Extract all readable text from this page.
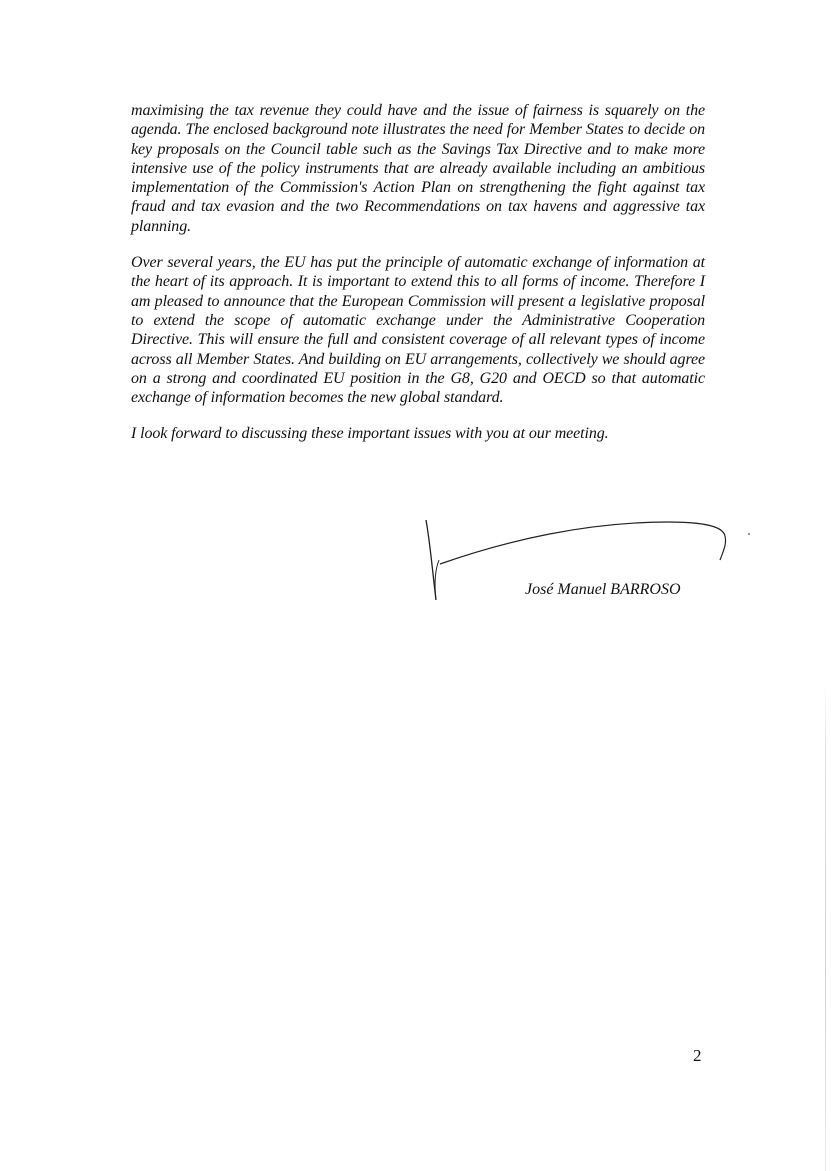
maximising the tax revenue they could have and the issue of fairness is squarely on the agenda. The enclosed background note illustrates the need for Member States to decide on key proposals on the Council table such as the Savings Tax Directive and to make more intensive use of the policy instruments that are already available including an ambitious implementation of the Commission's Action Plan on strengthening the fight against tax fraud and tax evasion and the two Recommendations on tax havens and aggressive tax planning.

Over several years, the EU has put the principle of automatic exchange of information at the heart of its approach. It is important to extend this to all forms of income. Therefore I am pleased to announce that the European Commission will present a legislative proposal to extend the scope of automatic exchange under the Administrative Cooperation Directive. This will ensure the full and consistent coverage of all relevant types of income across all Member States. And building on EU arrangements, collectively we should agree on a strong and coordinated EU position in the G8, G20 and OECD so that automatic exchange of information becomes the new global standard.

I look forward to discussing these important issues with you at our meeting.

José Manuel BARROSO
2
